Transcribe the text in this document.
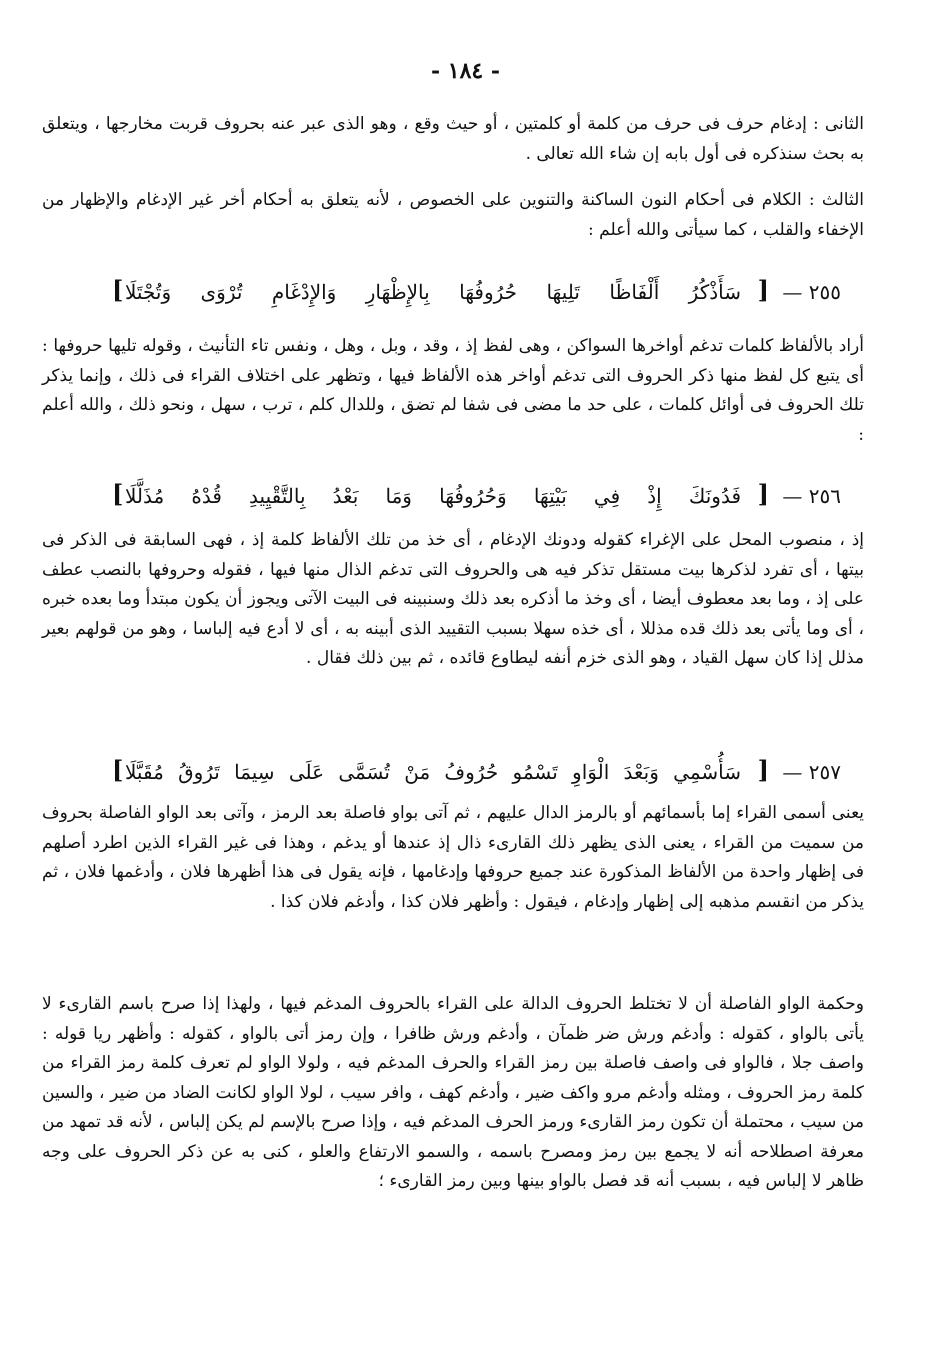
- ١٨٤ -

الثانى : إدغام حرف فى حرف من كلمة أو كلمتين ، أو حيث وقع ، وهو الذى عبر عنه بحروف قربت مخارجها ، ويتعلق به بحث سنذكره فى أول بابه إن شاء الله تعالى .

الثالث : الكلام فى أحكام النون الساكنة والتنوين على الخصوص ، لأنه يتعلق به أحكام أخر غير الإدغام والإظهار من الإخفاء والقلب ، كما سيأتى والله أعلم :

٢٥٥ —
[
سَأَذْكُرُ أَلْفَاظًا تَلِيهَا حُرُوفُهَا بِالإِظْهَارِ وَالإِدْغَامِ تُرْوَى وَتُجْتَلَا
]

أراد بالألفاظ كلمات تدغم أواخرها السواكن ، وهى لفظ إذ ، وقد ، وبل ، وهل ، ونفس تاء التأنيث ، وقوله تليها حروفها : أى يتبع كل لفظ منها ذكر الحروف التى تدغم أواخر هذه الألفاظ فيها ، وتظهر على اختلاف القراء فى ذلك ، وإنما يذكر تلك الحروف فى أوائل كلمات ، على حد ما مضى فى شفا لم تضق ، وللدال كلم ، ترب ، سهل ، ونحو ذلك ، والله أعلم :

٢٥٦ —
[
فَدُونَكَ إِذْ فِي بَيْتِهَا وَحُرُوفُهَا وَمَا بَعْدُ بِالتَّقْيِيدِ قُدْهُ مُذَلَّلَا
]

إذ ، منصوب المحل على الإغراء كقوله ودونك الإدغام ، أى خذ من تلك الألفاظ كلمة إذ ، فهى السابقة فى الذكر فى بيتها ، أى تفرد لذكرها بيت مستقل تذكر فيه هى والحروف التى تدغم الذال منها فيها ، فقوله وحروفها بالنصب عطف على إذ ، وما بعد معطوف أيضا ، أى وخذ ما أذكره بعد ذلك وسنبينه فى البيت الآتى ويجوز أن يكون مبتدأ وما بعده خبره ، أى وما يأتى بعد ذلك قده مذللا ، أى خذه سهلا بسبب التقييد الذى أبينه به ، أى لا أدع فيه إلباسا ، وهو من قولهم بعير مذلل إذا كان سهل القياد ، وهو الذى خزم أنفه ليطاوع قائده ، ثم بين ذلك فقال .

٢٥٧ —
[
سَأُسْمِي وَبَعْدَ الْوَاوِ تَسْمُو حُرُوفُ مَنْ تُسَمَّى عَلَى سِيمَا تَرُوقُ مُقَبَّلَا
]

يعنى أسمى القراء إما بأسمائهم أو بالرمز الدال عليهم ، ثم آتى بواو فاصلة بعد الرمز ، وآتى بعد الواو الفاصلة بحروف من سميت من القراء ، يعنى الذى يظهر ذلك القارىء ذال إذ عندها أو يدغم ، وهذا فى غير القراء الذين اطرد أصلهم فى إظهار واحدة من الألفاظ المذكورة عند جميع حروفها وإدغامها ، فإنه يقول فى هذا أظهرها فلان ، وأدغمها فلان ، ثم يذكر من انقسم مذهبه إلى إظهار وإدغام ، فيقول : وأظهر فلان كذا ، وأدغم فلان كذا .

وحكمة الواو الفاصلة أن لا تختلط الحروف الدالة على القراء بالحروف المدغم فيها ، ولهذا إذا صرح باسم القارىء لا يأتى بالواو ، كقوله : وأدغم ورش ضر ظمآن ، وأدغم ورش ظافرا ، وإن رمز أتى بالواو ، كقوله : وأظهر ريا قوله : واصف جلا ، فالواو فى واصف فاصلة بين رمز القراء والحرف المدغم فيه ، ولولا الواو لم تعرف كلمة رمز القراء من كلمة رمز الحروف ، ومثله وأدغم مرو واكف ضير ، وأدغم كهف ، وافر سيب ، لولا الواو لكانت الضاد من ضير ، والسين من سيب ، محتملة أن تكون رمز القارىء ورمز الحرف المدغم فيه ، وإذا صرح بالإسم لم يكن إلباس ، لأنه قد تمهد من معرفة اصطلاحه أنه لا يجمع بين رمز ومصرح باسمه ، والسمو الارتفاع والعلو ، كنى به عن ذكر الحروف على وجه ظاهر لا إلباس فيه ، بسبب أنه قد فصل بالواو بينها وبين رمز القارىء ؛
